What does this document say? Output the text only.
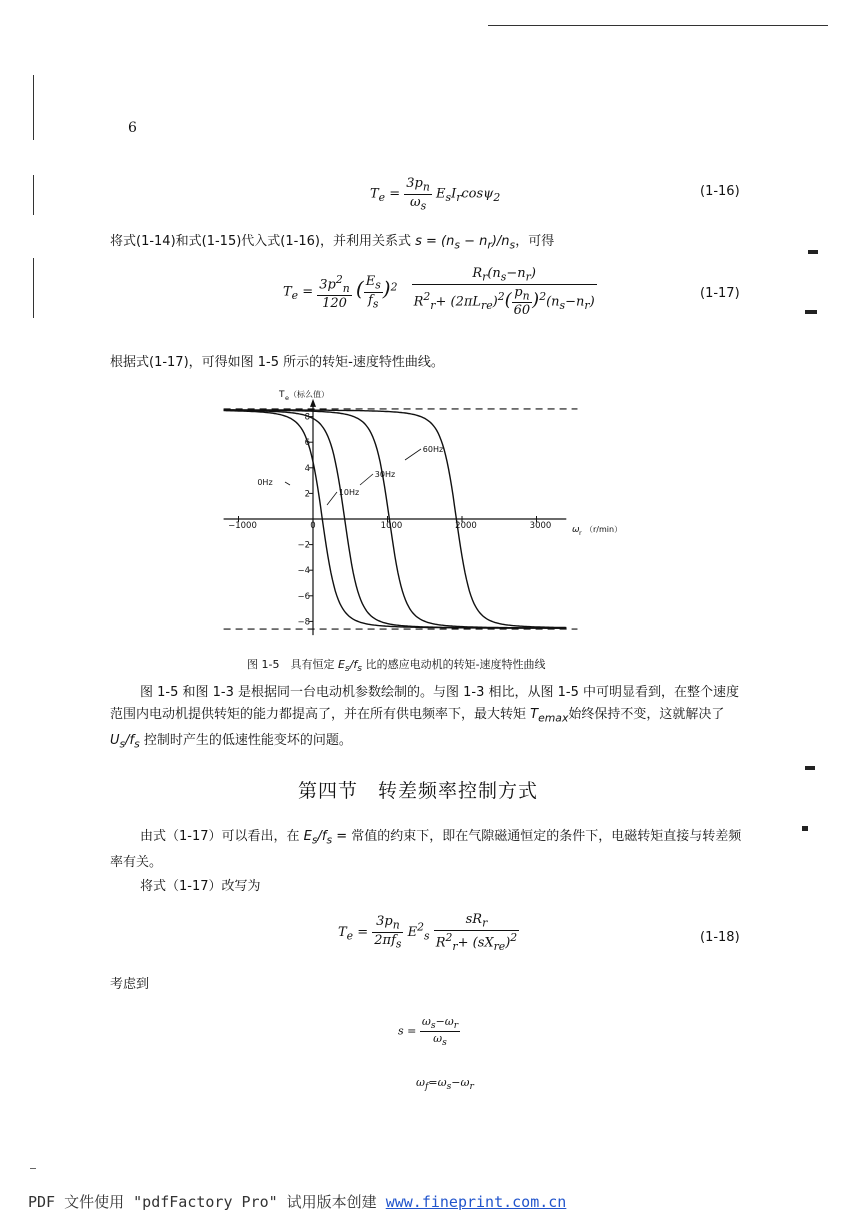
6
$T_e = \frac{3p_n}{\omega_s} E_sI_r\cos\psi_2$	(1-16)
将式(1-14)和式(1-15)代入式(1-16)，并利用关系式 $s = (n_s - n_r)/n_s$，可得
$T_e = \frac{3p^2_n}{120}$ ( $\frac{E_s}{f_s} )^2 \frac{R_r(n_s-n_r)}{R^2_r+ (2\pi L_{re})^2( \frac{p_n}{60} )^2(n_s-n_r)}$	(1-17)
根据式(1-17)，可得如图 1-5 所示的转矩-速度特性曲线。
−1000	0	1000	2000	3000
8
6
4
2
−2
−4
−6
−8
T e （标么值）
ω r （r/min）
0Hz
10Hz
30Hz
60Hz
图 1-5　具有恒定 $E_s/f_s$ 比的感应电动机的转矩-速度特性曲线
图 1-5 和图 1-3 是根据同一台电动机参数绘制的。与图 1-3 相比，从图 1-5 中可明显看到，在整个速度范围内电动机提供转矩的能力都提高了，并在所有供电频率下，最大转矩 $T_{emax}$始终保持不变，这就解决了 $U_s/f_s$ 控制时产生的低速性能变坏的问题。
第四节　转差频率控制方式
由式（1-17）可以看出，在 $E_s/f_s$ = 常值的约束下，即在气隙磁通恒定的条件下，电磁转矩直接与转差频率有关。
将式（1-17）改写为
$T_e = \frac{3p_n}{2\pi f_s} E^2_s \frac{sR_r}{R^2_r+ (sX_{re})^2}$	(1-18)
考虑到
$s = \frac{\omega_s-\omega_r}{\omega_s}$
$\omega_f=\omega_s-\omega_r$
PDF 文件使用 "pdfFactory Pro" 试用版本创建 www.fineprint.com.cn
